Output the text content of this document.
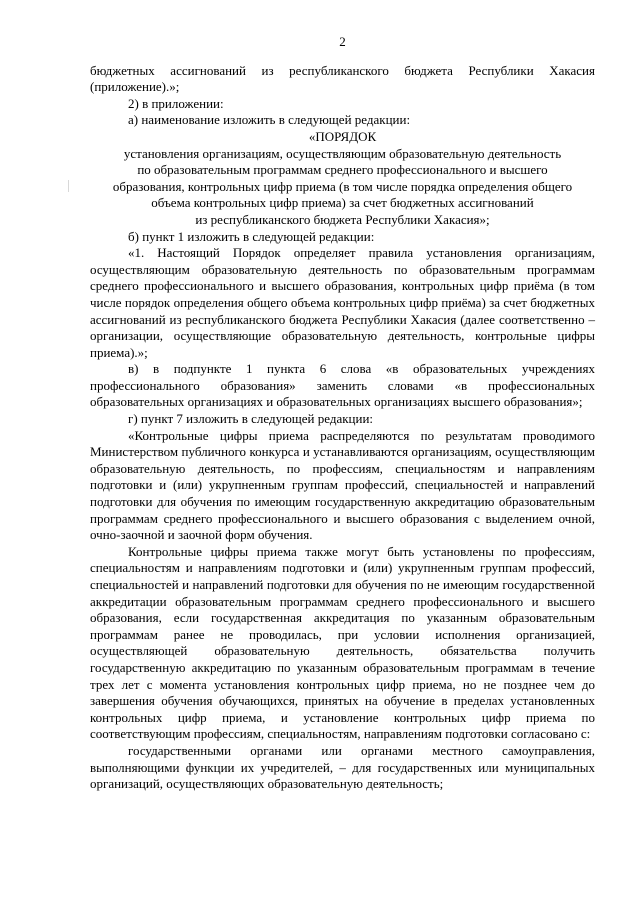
2

бюджетных ассигнований из республиканского бюджета Республики Хакасия (приложение).»;

2) в приложении:

а) наименование изложить в следующей редакции:

«ПОРЯДОК
установления организациям, осуществляющим образовательную деятельность
по образовательным программам среднего профессионального и высшего
образования, контрольных цифр приема (в том числе порядка определения общего
объема контрольных цифр приема) за счет бюджетных ассигнований
из республиканского бюджета Республики Хакасия»;

б) пункт 1 изложить в следующей редакции:

«1. Настоящий Порядок определяет правила установления организациям, осуществляющим образовательную деятельность по образовательным программам среднего профессионального и высшего образования, контрольных цифр приёма (в том числе порядок определения общего объема контрольных цифр приёма) за счет бюджетных ассигнований из республиканского бюджета Республики Хакасия (далее соответственно – организации, осуществляющие образовательную деятельность, контрольные цифры приема).»;

в) в подпункте 1 пункта 6 слова «в образовательных учреждениях профессионального образования» заменить словами «в профессиональных образовательных организациях и образовательных организациях высшего образования»;

г) пункт 7 изложить в следующей редакции:

«Контрольные цифры приема распределяются по результатам проводимого Министерством публичного конкурса и устанавливаются организациям, осуществляющим образовательную деятельность, по профессиям, специальностям и направлениям подготовки и (или) укрупненным группам профессий, специальностей и направлений подготовки для обучения по имеющим государственную аккредитацию образовательным программам среднего профессионального и высшего образования с выделением очной, очно-заочной и заочной форм обучения.

Контрольные цифры приема также могут быть установлены по профессиям, специальностям и направлениям подготовки и (или) укрупненным группам профессий, специальностей и направлений подготовки для обучения по не имеющим государственной аккредитации образовательным программам среднего профессионального и высшего образования, если государственная аккредитация по указанным образовательным программам ранее не проводилась, при условии исполнения организацией, осуществляющей образовательную деятельность, обязательства получить государственную аккредитацию по указанным образовательным программам в течение трех лет с момента установления контрольных цифр приема, но не позднее чем до завершения обучения обучающихся, принятых на обучение в пределах установленных контрольных цифр приема, и установление контрольных цифр приема по соответствующим профессиям, специальностям, направлениям подготовки согласовано с:

государственными органами или органами местного самоуправления, выполняющими функции их учредителей, – для государственных или муниципальных организаций, осуществляющих образовательную деятельность;
